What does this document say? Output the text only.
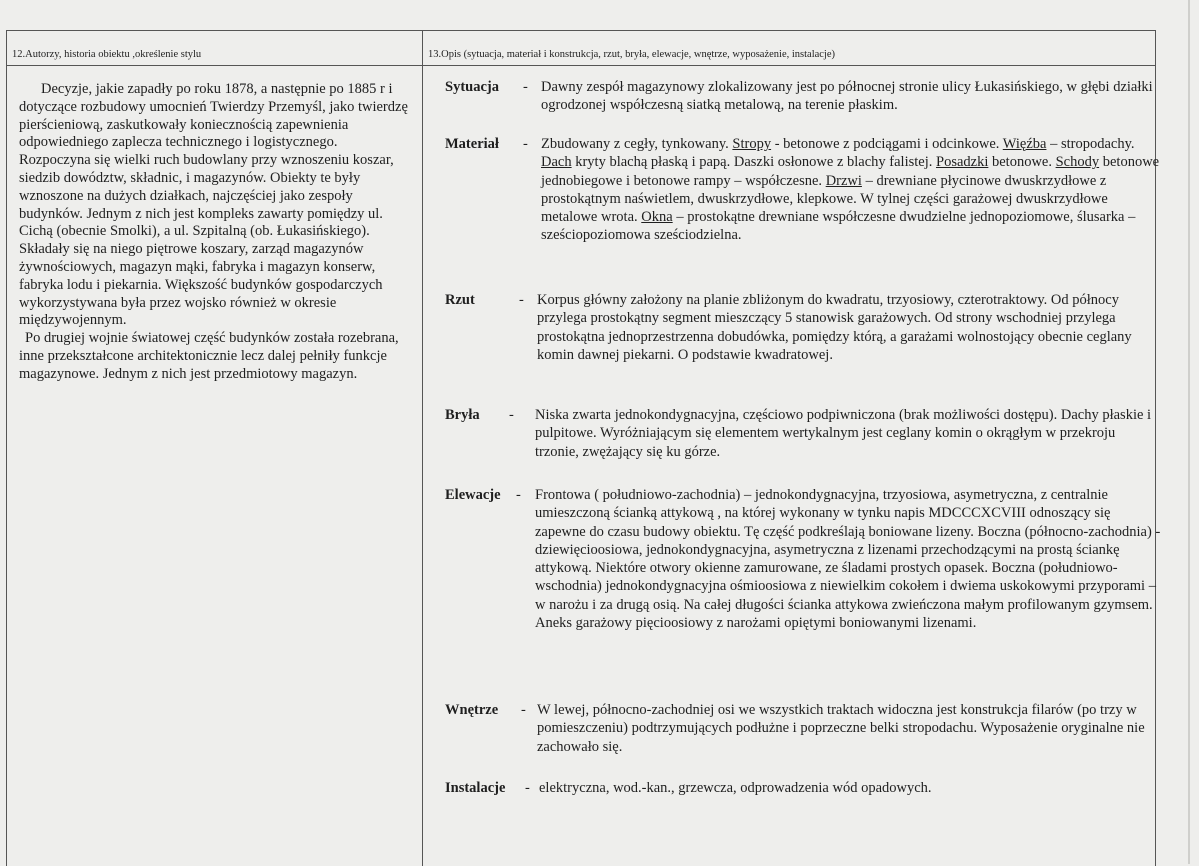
12.Autorzy, historia obiektu ,określenie stylu

Decyzje, jakie zapadły po roku 1878, a następnie po 1885 r i dotyczące rozbudowy umocnień Twierdzy Przemyśl, jako twierdzę pierścieniową, zaskutkowały koniecznością zapewnienia odpowiedniego zaplecza technicznego i logistycznego. Rozpoczyna się wielki ruch budowlany przy wznoszeniu koszar, siedzib dowództw, składnic, i magazynów. Obiekty te były wznoszone na dużych działkach, najczęściej jako zespoły budynków. Jednym z nich jest kompleks zawarty pomiędzy ul. Cichą (obecnie Smolki), a ul. Szpitalną (ob. Łukasińskiego). Składały się na niego piętrowe koszary, zarząd magazynów żywnościowych, magazyn mąki, fabryka i magazyn konserw, fabryka lodu i piekarnia. Większość budynków gospodarczych wykorzystywana była przez wojsko również w okresie międzywojennym.

Po drugiej wojnie światowej część budynków została rozebrana, inne przekształcone architektonicznie lecz dalej pełniły funkcje magazynowe. Jednym z nich jest przedmiotowy magazyn.

13.Opis (sytuacja, materiał i konstrukcja, rzut, bryła, elewacje, wnętrze, wyposażenie, instalacje)
Sytuacja - Dawny zespół magazynowy zlokalizowany jest po północnej stronie ulicy Łukasińskiego, w głębi działki ogrodzonej współczesną siatką metalową, na terenie płaskim.
Materiał - Zbudowany z cegły, tynkowany. Stropy - betonowe z podciągami i odcinkowe. Więźba – stropodachy. Dach kryty blachą płaską i papą. Daszki osłonowe z blachy falistej. Posadzki betonowe. Schody betonowe jednobiegowe i betonowe rampy – współczesne. Drzwi – drewniane płycinowe dwuskrzydłowe z prostokątnym naświetlem, dwuskrzydłowe, klepkowe. W tylnej części garażowej dwuskrzydłowe metalowe wrota. Okna – prostokątne drewniane współczesne dwudzielne jednopoziomowe, ślusarka – sześciopoziomowa sześciodzielna.
Rzut	- Korpus główny założony na planie zbliżonym do kwadratu, trzyosiowy, czterotraktowy. Od północy przylega prostokątny segment mieszczący 5 stanowisk garażowych. Od strony wschodniej przylega prostokątna jednoprzestrzenna dobudówka, pomiędzy którą, a garażami wolnostojący obecnie ceglany komin dawnej piekarni. O podstawie kwadratowej.
Bryła - Niska zwarta jednokondygnacyjna, częściowo podpiwniczona (brak możliwości dostępu). Dachy płaskie i pulpitowe. Wyróżniającym się elementem wertykalnym jest ceglany komin o okrągłym w przekroju trzonie, zwężający się ku górze.
Elewacje - Frontowa ( południowo-zachodnia) – jednokondygnacyjna, trzyosiowa, asymetryczna, z centralnie umieszczoną ścianką attykową , na której wykonany w tynku napis MDCCCXCVIII odnoszący się zapewne do czasu budowy obiektu. Tę część podkreślają boniowane lizeny. Boczna (północno-zachodnia) - dziewięcioosiowa, jednokondygnacyjna, asymetryczna z lizenami przechodzącymi na prostą ściankę attykową. Niektóre otwory okienne zamurowane, ze śladami prostych opasek. Boczna (południowo-wschodnia) jednokondygnacyjna ośmioosiowa z niewielkim cokołem i dwiema uskokowymi przyporami – w narożu i za drugą osią. Na całej długości ścianka attykowa zwieńczona małym profilowanym gzymsem. Aneks garażowy pięcioosiowy z narożami opiętymi boniowanymi lizenami.
Wnętrze - W lewej, północno-zachodniej osi we wszystkich traktach widoczna jest konstrukcja filarów (po trzy w pomieszczeniu) podtrzymujących podłużne i poprzeczne belki stropodachu. Wyposażenie oryginalne nie zachowało się.
Instalacje - elektryczna, wod.-kan., grzewcza, odprowadzenia wód opadowych.
